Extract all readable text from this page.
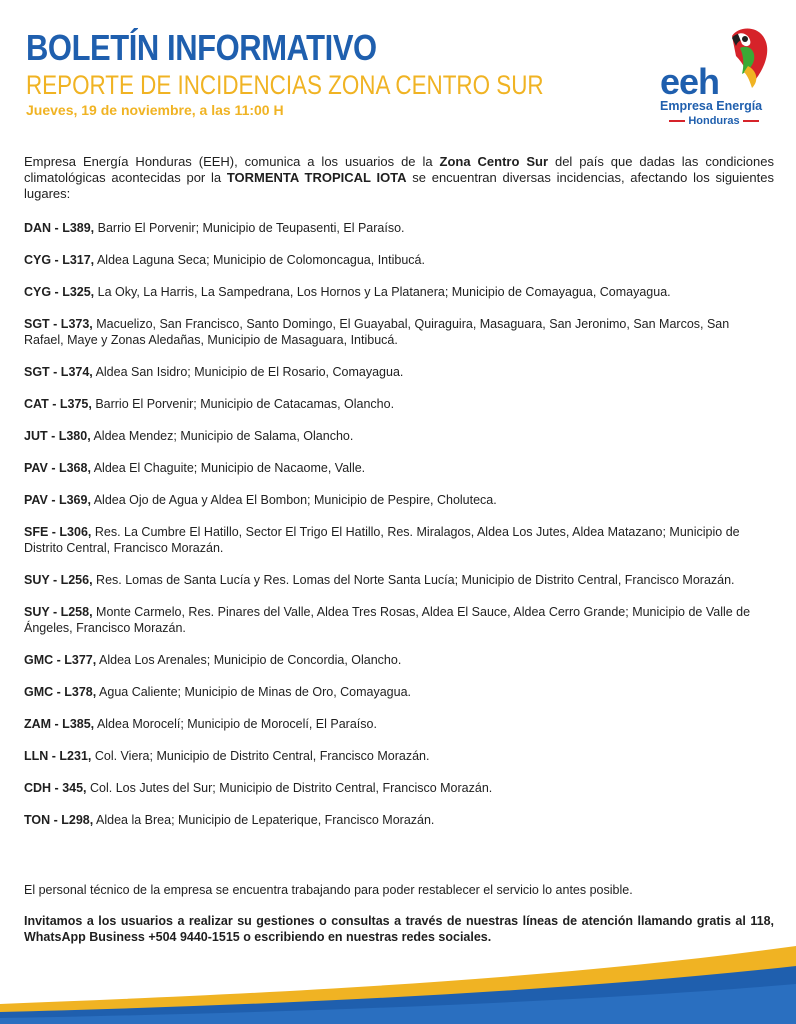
BOLETÍN INFORMATIVO
REPORTE DE INCIDENCIAS ZONA CENTRO SUR
Jueves, 19 de noviembre, a las 11:00 H
eeh
Empresa Energía
Honduras

Empresa Energía Honduras (EEH), comunica a los usuarios de la Zona Centro Sur del país que dadas las condiciones climatológicas acontecidas por la TORMENTA TROPICAL IOTA se encuentran diversas incidencias, afectando los siguientes lugares:

DAN - L389, Barrio El Porvenir; Municipio de Teupasenti, El Paraíso.
CYG - L317, Aldea Laguna Seca; Municipio de Colomoncagua, Intibucá.
CYG - L325, La Oky, La Harris, La Sampedrana, Los Hornos y La Platanera; Municipio de Comayagua, Comayagua.
SGT - L373, Macuelizo, San Francisco, Santo Domingo, El Guayabal, Quiraguira, Masaguara, San Jeronimo, San Marcos, San Rafael, Maye y Zonas Aledañas, Municipio de Masaguara, Intibucá.
SGT - L374, Aldea San Isidro; Municipio de El Rosario, Comayagua.
CAT - L375, Barrio El Porvenir; Municipio de Catacamas, Olancho.
JUT - L380, Aldea Mendez; Municipio de Salama, Olancho.
PAV - L368, Aldea El Chaguite; Municipio de Nacaome, Valle.
PAV - L369, Aldea Ojo de Agua y Aldea El Bombon; Municipio de Pespire, Choluteca.
SFE - L306, Res. La Cumbre El Hatillo, Sector El Trigo El Hatillo, Res. Miralagos, Aldea Los Jutes, Aldea Matazano; Municipio de Distrito Central, Francisco Morazán.
SUY - L256, Res. Lomas de Santa Lucía y Res. Lomas del Norte Santa Lucía; Municipio de Distrito Central, Francisco Morazán.
SUY - L258, Monte Carmelo, Res. Pinares del Valle, Aldea Tres Rosas, Aldea El Sauce, Aldea Cerro Grande; Municipio de Valle de Ángeles, Francisco Morazán.
GMC - L377, Aldea Los Arenales; Municipio de Concordia, Olancho.
GMC - L378, Agua Caliente; Municipio de Minas de Oro, Comayagua.
ZAM - L385, Aldea Morocelí; Municipio de Morocelí, El Paraíso.
LLN - L231, Col. Viera; Municipio de Distrito Central, Francisco Morazán.
CDH - 345, Col. Los Jutes del Sur; Municipio de Distrito Central, Francisco Morazán.
TON - L298, Aldea la Brea; Municipio de Lepaterique, Francisco Morazán.
El personal técnico de la empresa se encuentra trabajando para poder restablecer el servicio lo antes posible.
Invitamos a los usuarios a realizar su gestiones o consultas a través de nuestras líneas de atención llamando gratis al 118, WhatsApp Business +504 9440-1515 o escribiendo en nuestras redes sociales.
